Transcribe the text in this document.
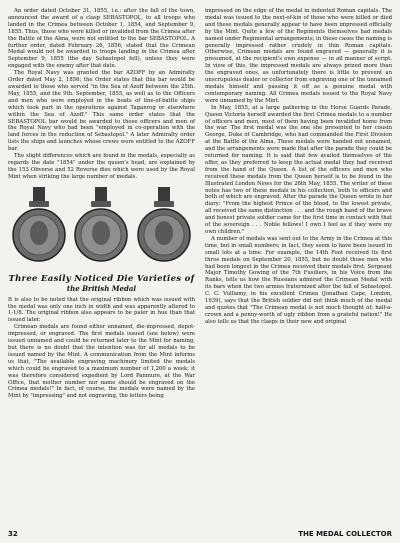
An order dated October 31, 1855, i.e.: after the fall of the town, announced the award of a clasp SEBASTOPOL, to all troops who landed in the Crimea between October 1, 1854, and September 9, 1855. Thus, those who were killed or invalided from the Crimea after the Battle of the Alma, were not entitled to the bar SEBASTOPOL. A further order, dated February 26, 1856, stated that the Crimean Medal would not be awarded to troops landing in the Crimea after September 9, 1855 (the day Sebastopol fell), unless they were engaged with the enemy after that date.

The Royal Navy was granted the bar AZOFF by an Admiralty Order dated May 2, 1856; the Order states that this bar would be awarded to those who served "in the Sea of Azoff between the 25th. May, 1855, and the 9th. September, 1855, as well as to the Officers and men who were employed in the boats of line-of-battle ships which took part in the operations against Taganrog or elsewhere within the Sea of Azoff." This same order states that the SEBASTOPOL bar would be awarded to those officers and men of the Royal Navy who had been "employed in co-operation with the land forces in the reduction of Sebastopol." A later Admiralty order lists the ships and launches whose crews were entitled to the AZOFF bar.

The slight differences which are found in the medals, especially as regards the date "1854" under the queen's head, are explained by the 153 Obverse and 52 Reverse dies which were used by the Royal Mint when striking the large number of medals.

Three Easily Noticed Die Varieties of
the British Medal

It is also to be noted that the original ribbon which was issued with the medal was only one inch in width and was apparently altered to 1-1/8. The original ribbon also appears to be paler in hue than that issued later.

Crimean medals are found either unnamed, die-impressed, depot-impressed, or engraved. The first medals issued (see below) were issued unnamed and could be returned later to the Mint for naming, but there is no doubt that the intention was for all medals to be issued named by the Mint. A communication from the Mint informs us that, "The available engraving machinery limited the medals which could be engraved to a maximum number of 1,200 a week; it was therefore considered expedient by Lord Panmure, at the War Office, that neither number nor name should be engraved on the Crimea medals!" In fact, of course, the medals were named by the Mint by "impressing" and not engraving, the letters being

impressed on the edge of the medal in indented Roman capitals. The medal was issued to the next-of-kin of those who were killed or died and these medals generally appear to have been impressed officially by the Mint. Quite a few of the Regiments themselves had medals named under Regimental arrangements; in these cases the naming is generally impressed rather crudely in thin Roman capitals. Otherwise, Crimean medals are found engraved — generally it is presumed, at the recipient's own expense — in all manner of script. In view of this, the impressed medals are always prized more than the engraved ones, as unfortunately there is little to prevent an unscrupulous dealer or collector from engraving one of the unnamed medals himself and passing it off as a genuine medal with contemporary naming. All Crimea medals issued to the Royal Navy were unnamed by the Mint.

In May, 1855, at a large gathering in the Horse Guards Parade, Queen Victoria herself awarded the first Crimea medals to a number of officers and men, most of them having been invalided home from the war. The first medal was the one she presented to her cousin George, Duke of Cambridge, who had commanded the First Division at the Battle of the Alma. These medals were handed out unnamed, and the arrangements were made that after the parade they could be returned for naming. It is said that few availed themselves of the offer, as they preferred to keep the actual medal they had received from the hand of the Queen. A list of the officers and men who received these medals from the Queen herself is to be found in the Illustrated London News for the 26th May, 1855. The writer of these notes has two of these medals in his collection, both to officers and both of which are engraved. After the parade the Queen wrote in her diary: "From the highest Prince of the blood, to the lowest private, all received the same distinction . . . and the rough hand of the brave and honest private soldier came for the first time in contact with that of the sovereign . . . Noble fellows! I own I feel as if they were my own children."

A number of medals was sent out to the Army in the Crimea at this time, but in small numbers; in fact, they seem to have been issued in small lots at a time. For example, the 14th Foot received its first three medals on September 20, 1855, but no doubt those men who had been longest in the Crimea received their medals first. Sergeant Major Timothy Gowing of the 7th Fusiliers, in his Voice from the Ranks, tells us how the Russians admired the Crimean Medal with its bars when the two armies fraternized after the fall of Sebastopol. C. C. Vulliamy, in his excellent Crimea (Jonathan Cape, London, 1939), says that the British soldier did not think much of the medal and quotes that "The Crimean medal is not much thought of; half-a-crown and a penny-worth of ugly ribbon from a grateful nation!" He also tells us that the clasps in their new and original

32	THE MEDAL COLLECTOR
